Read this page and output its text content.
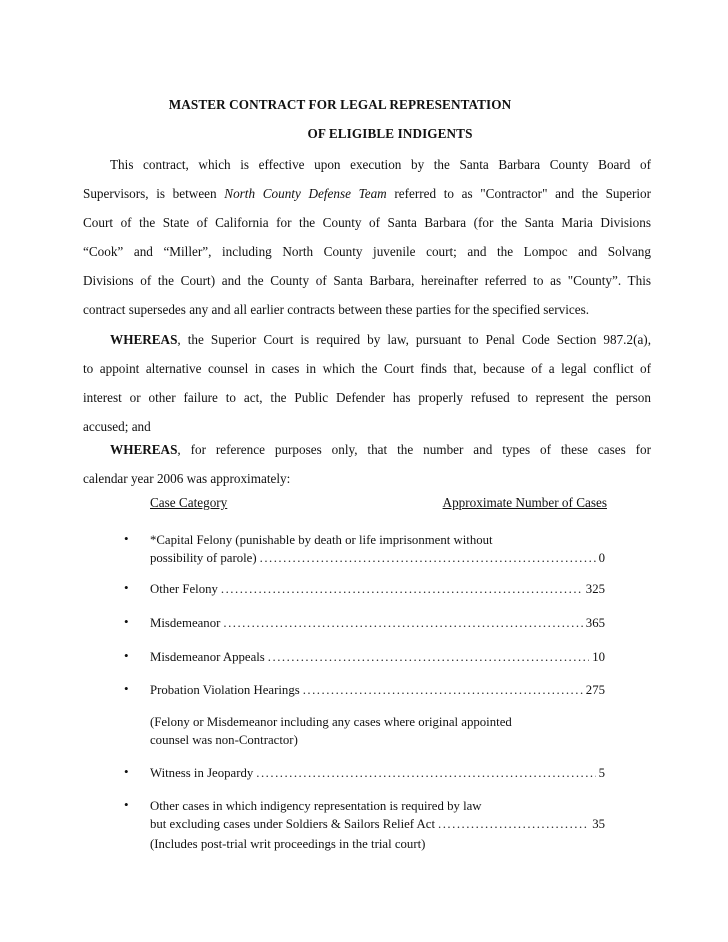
MASTER CONTRACT FOR LEGAL REPRESENTATION
OF ELIGIBLE INDIGENTS
This contract, which is effective upon execution by the Santa Barbara County Board of
Supervisors, is between North County Defense Team referred to as "Contractor" and the Superior
Court of the State of California for the County of Santa Barbara (for the Santa Maria Divisions
“Cook” and “Miller”, including North County juvenile court; and the Lompoc and Solvang
Divisions of the Court) and the County of Santa Barbara, hereinafter referred to as "County”. This
contract supersedes any and all earlier contracts between these parties for the specified services.
WHEREAS, the Superior Court is required by law, pursuant to Penal Code Section 987.2(a),
to appoint alternative counsel in cases in which the Court finds that, because of a legal conflict of
interest or other failure to act, the Public Defender has properly refused to represent the person
accused; and
WHEREAS, for reference purposes only, that the number and types of these cases for
calendar year 2006 was approximately:
Case Category	Approximate Number of Cases
• *Capital Felony (punishable by death or life imprisonment without
possibility of parole) .....	0
• Other Felony .....	325
• Misdemeanor .....	365
• Misdemeanor Appeals .....	10
• Probation Violation Hearings .....	275
(Felony or Misdemeanor including any cases where original appointed
counsel was non-Contractor)
• Witness in Jeopardy .....	5
• Other cases in which indigency representation is required by law
but excluding cases under Soldiers & Sailors Relief Act .....	35
(Includes post-trial writ proceedings in the trial court)
